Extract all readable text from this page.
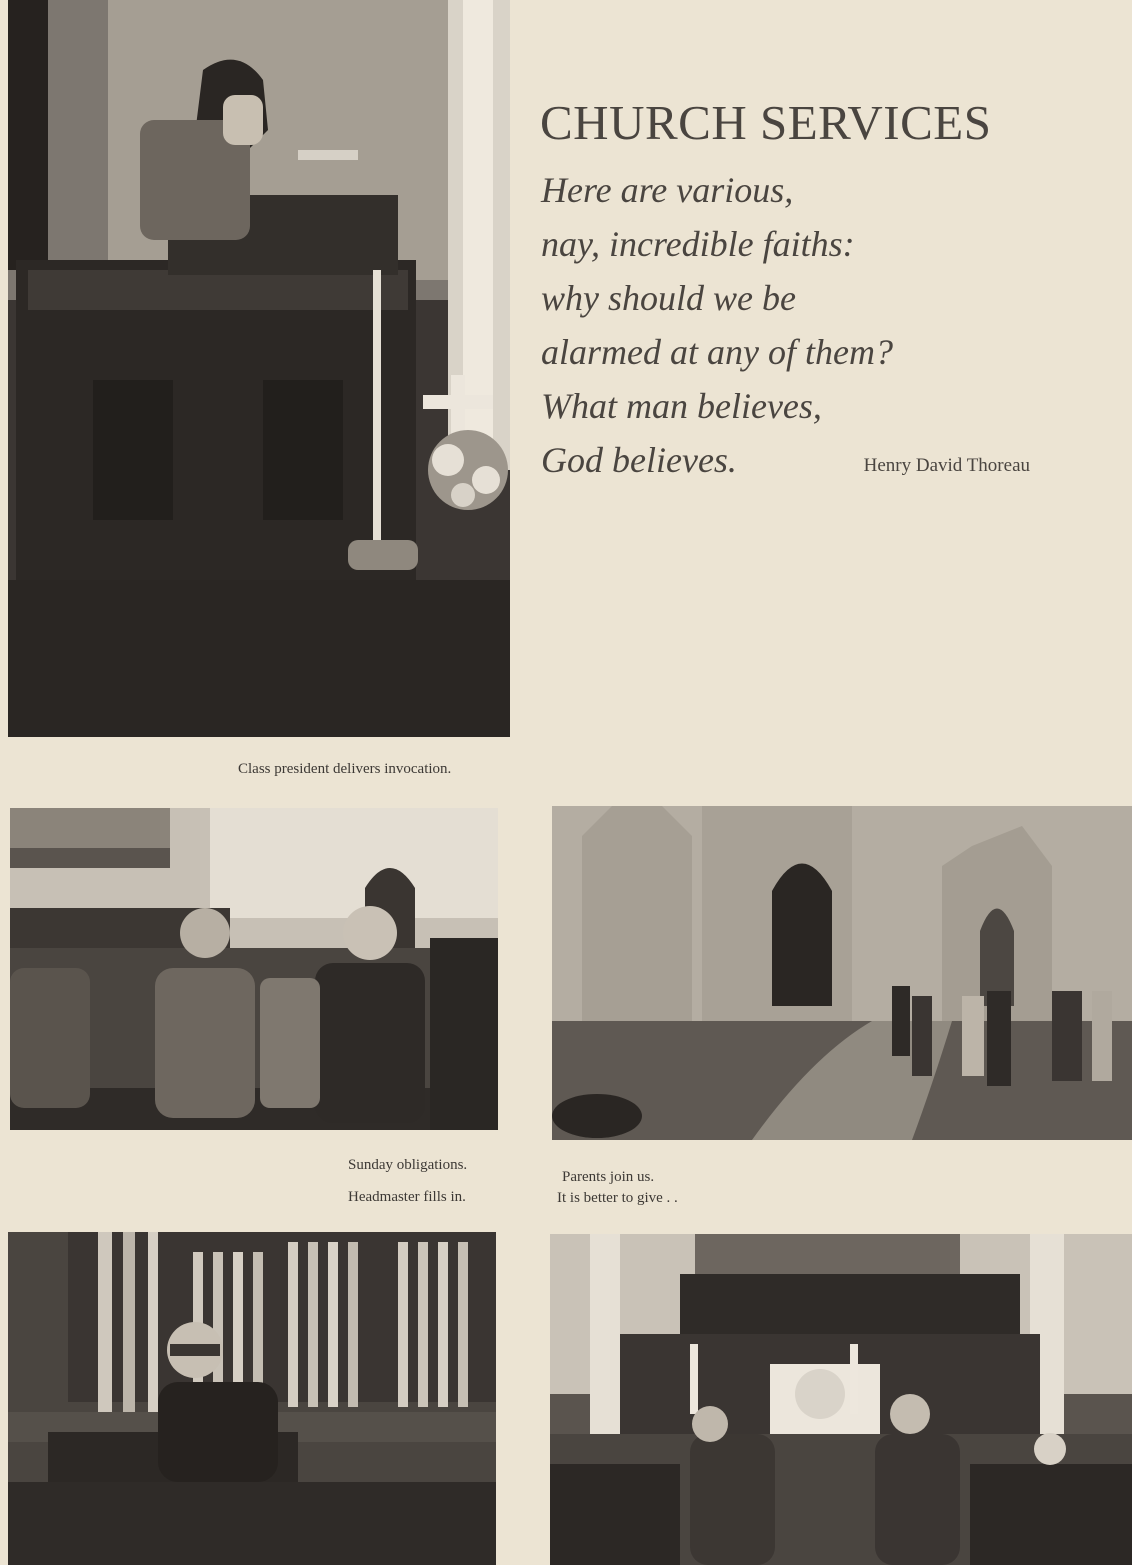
CHURCH SERVICES
Here are various,
nay, incredible faiths:
why should we be
alarmed at any of them?
What man believes,
God believes.	Henry David Thoreau
Class president delivers invocation.
Sunday obligations.
Headmaster fills in.
Parents join us.
It is better to give . .
